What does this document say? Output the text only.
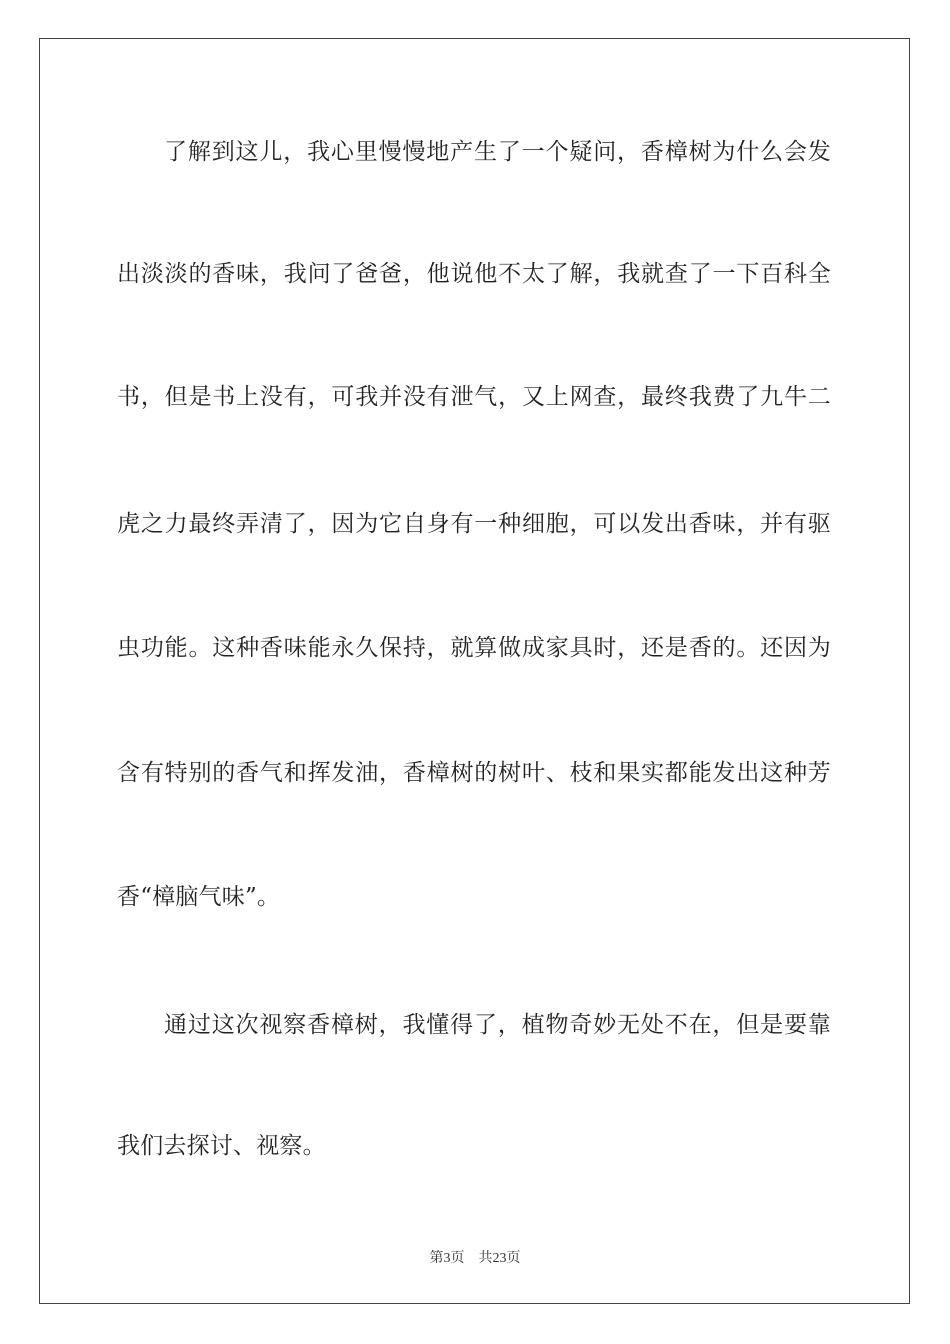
了解到这儿，我心里慢慢地产生了一个疑问，香樟树为什么会发
出淡淡的香味，我问了爸爸，他说他不太了解，我就查了一下百科全
书，但是书上没有，可我并没有泄气，又上网查，最终我费了九牛二
虎之力最终弄清了，因为它自身有一种细胞，可以发出香味，并有驱
虫功能。这种香味能永久保持，就算做成家具时，还是香的。还因为
含有特别的香气和挥发油，香樟树的树叶、枝和果实都能发出这种芳
香“樟脑气味”。
通过这次视察香樟树，我懂得了，植物奇妙无处不在，但是要靠
我们去探讨、视察。
第3页 共23页
